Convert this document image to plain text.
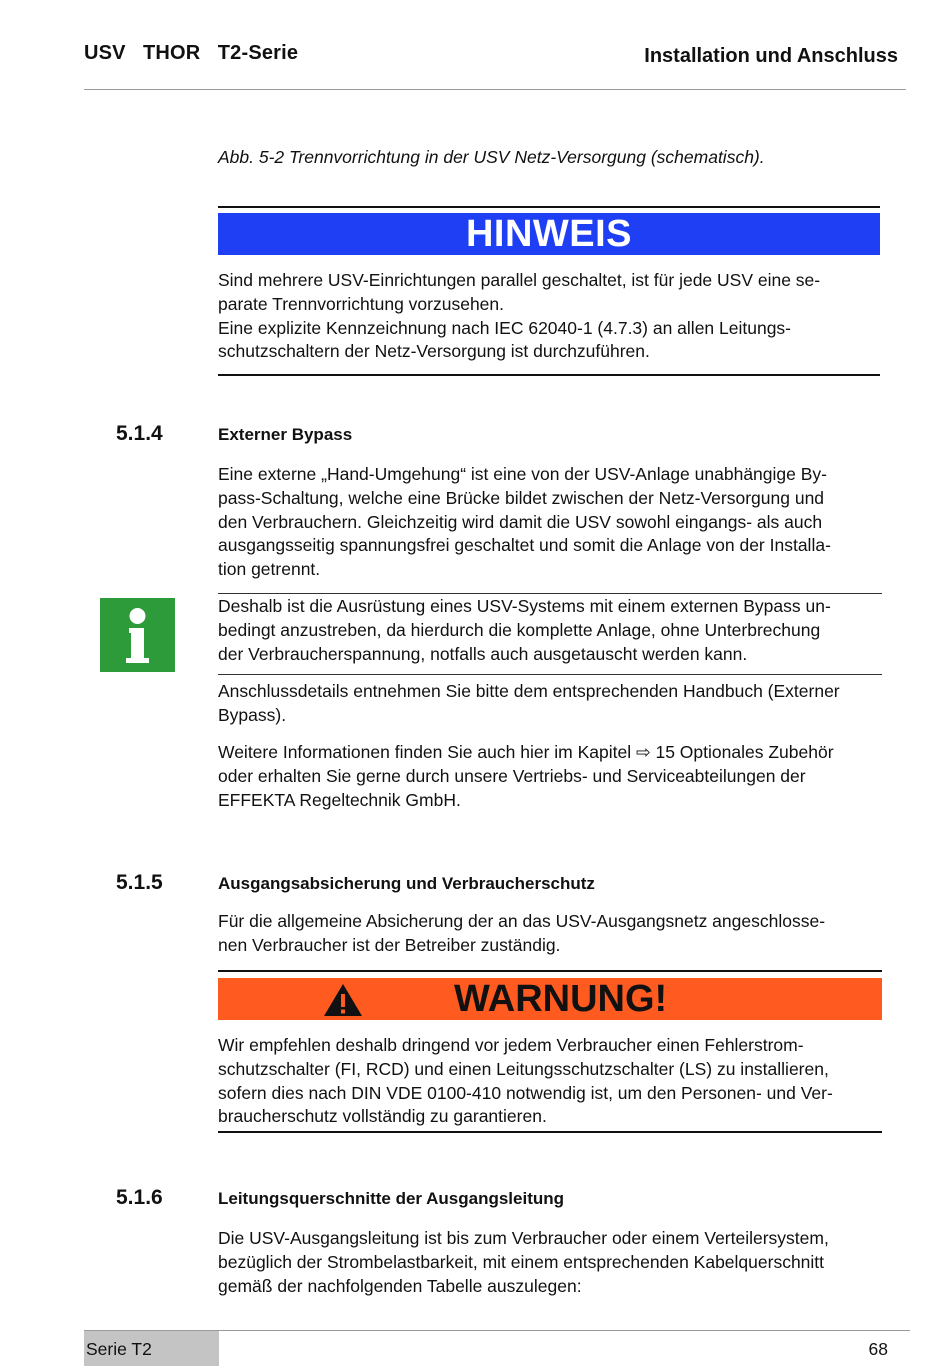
USV   THOR   T2-Serie	Installation und Anschluss
Abb. 5-2 Trennvorrichtung in der USV Netz-Versorgung (schematisch).
HINWEIS

Sind mehrere USV-Einrichtungen parallel geschaltet, ist für jede USV eine se-

parate Trennvorrichtung vorzusehen.

Eine explizite Kennzeichnung nach IEC 62040-1 (4.7.3) an allen Leitungs-

schutzschaltern der Netz-Versorgung ist durchzuführen.

5.1.4	Externer Bypass

Eine externe „Hand-Umgehung“ ist eine von der USV-Anlage unabhängige By-

pass-Schaltung, welche eine Brücke bildet zwischen der Netz-Versorgung und

den Verbrauchern. Gleichzeitig wird damit die USV sowohl eingangs- als auch

ausgangsseitig spannungsfrei geschaltet und somit die Anlage von der Installa-

tion getrennt.

Deshalb ist die Ausrüstung eines USV-Systems mit einem externen Bypass un-

bedingt anzustreben, da hierdurch die komplette Anlage, ohne Unterbrechung

der Verbraucherspannung, notfalls auch ausgetauscht werden kann.

Anschlussdetails entnehmen Sie bitte dem entsprechenden Handbuch (Externer

Bypass).

Weitere Informationen finden Sie auch hier im Kapitel ⇨ 15 Optionales Zubehör

oder erhalten Sie gerne durch unsere Vertriebs- und Serviceabteilungen der

EFFEKTA Regeltechnik GmbH.

5.1.5	Ausgangsabsicherung und Verbraucherschutz

Für die allgemeine Absicherung der an das USV-Ausgangsnetz angeschlosse-

nen Verbraucher ist der Betreiber zuständig.

WARNUNG!

Wir empfehlen deshalb dringend vor jedem Verbraucher einen Fehlerstrom-

schutzschalter (FI, RCD) und einen Leitungsschutzschalter (LS) zu installieren,

sofern dies nach DIN VDE 0100-410 notwendig ist, um den Personen- und Ver-

braucherschutz vollständig zu garantieren.

5.1.6	Leitungsquerschnitte der Ausgangsleitung

Die USV-Ausgangsleitung ist bis zum Verbraucher oder einem Verteilersystem,

bezüglich der Strombelastbarkeit, mit einem entsprechenden Kabelquerschnitt

gemäß der nachfolgenden Tabelle auszulegen:

Serie T2	68
